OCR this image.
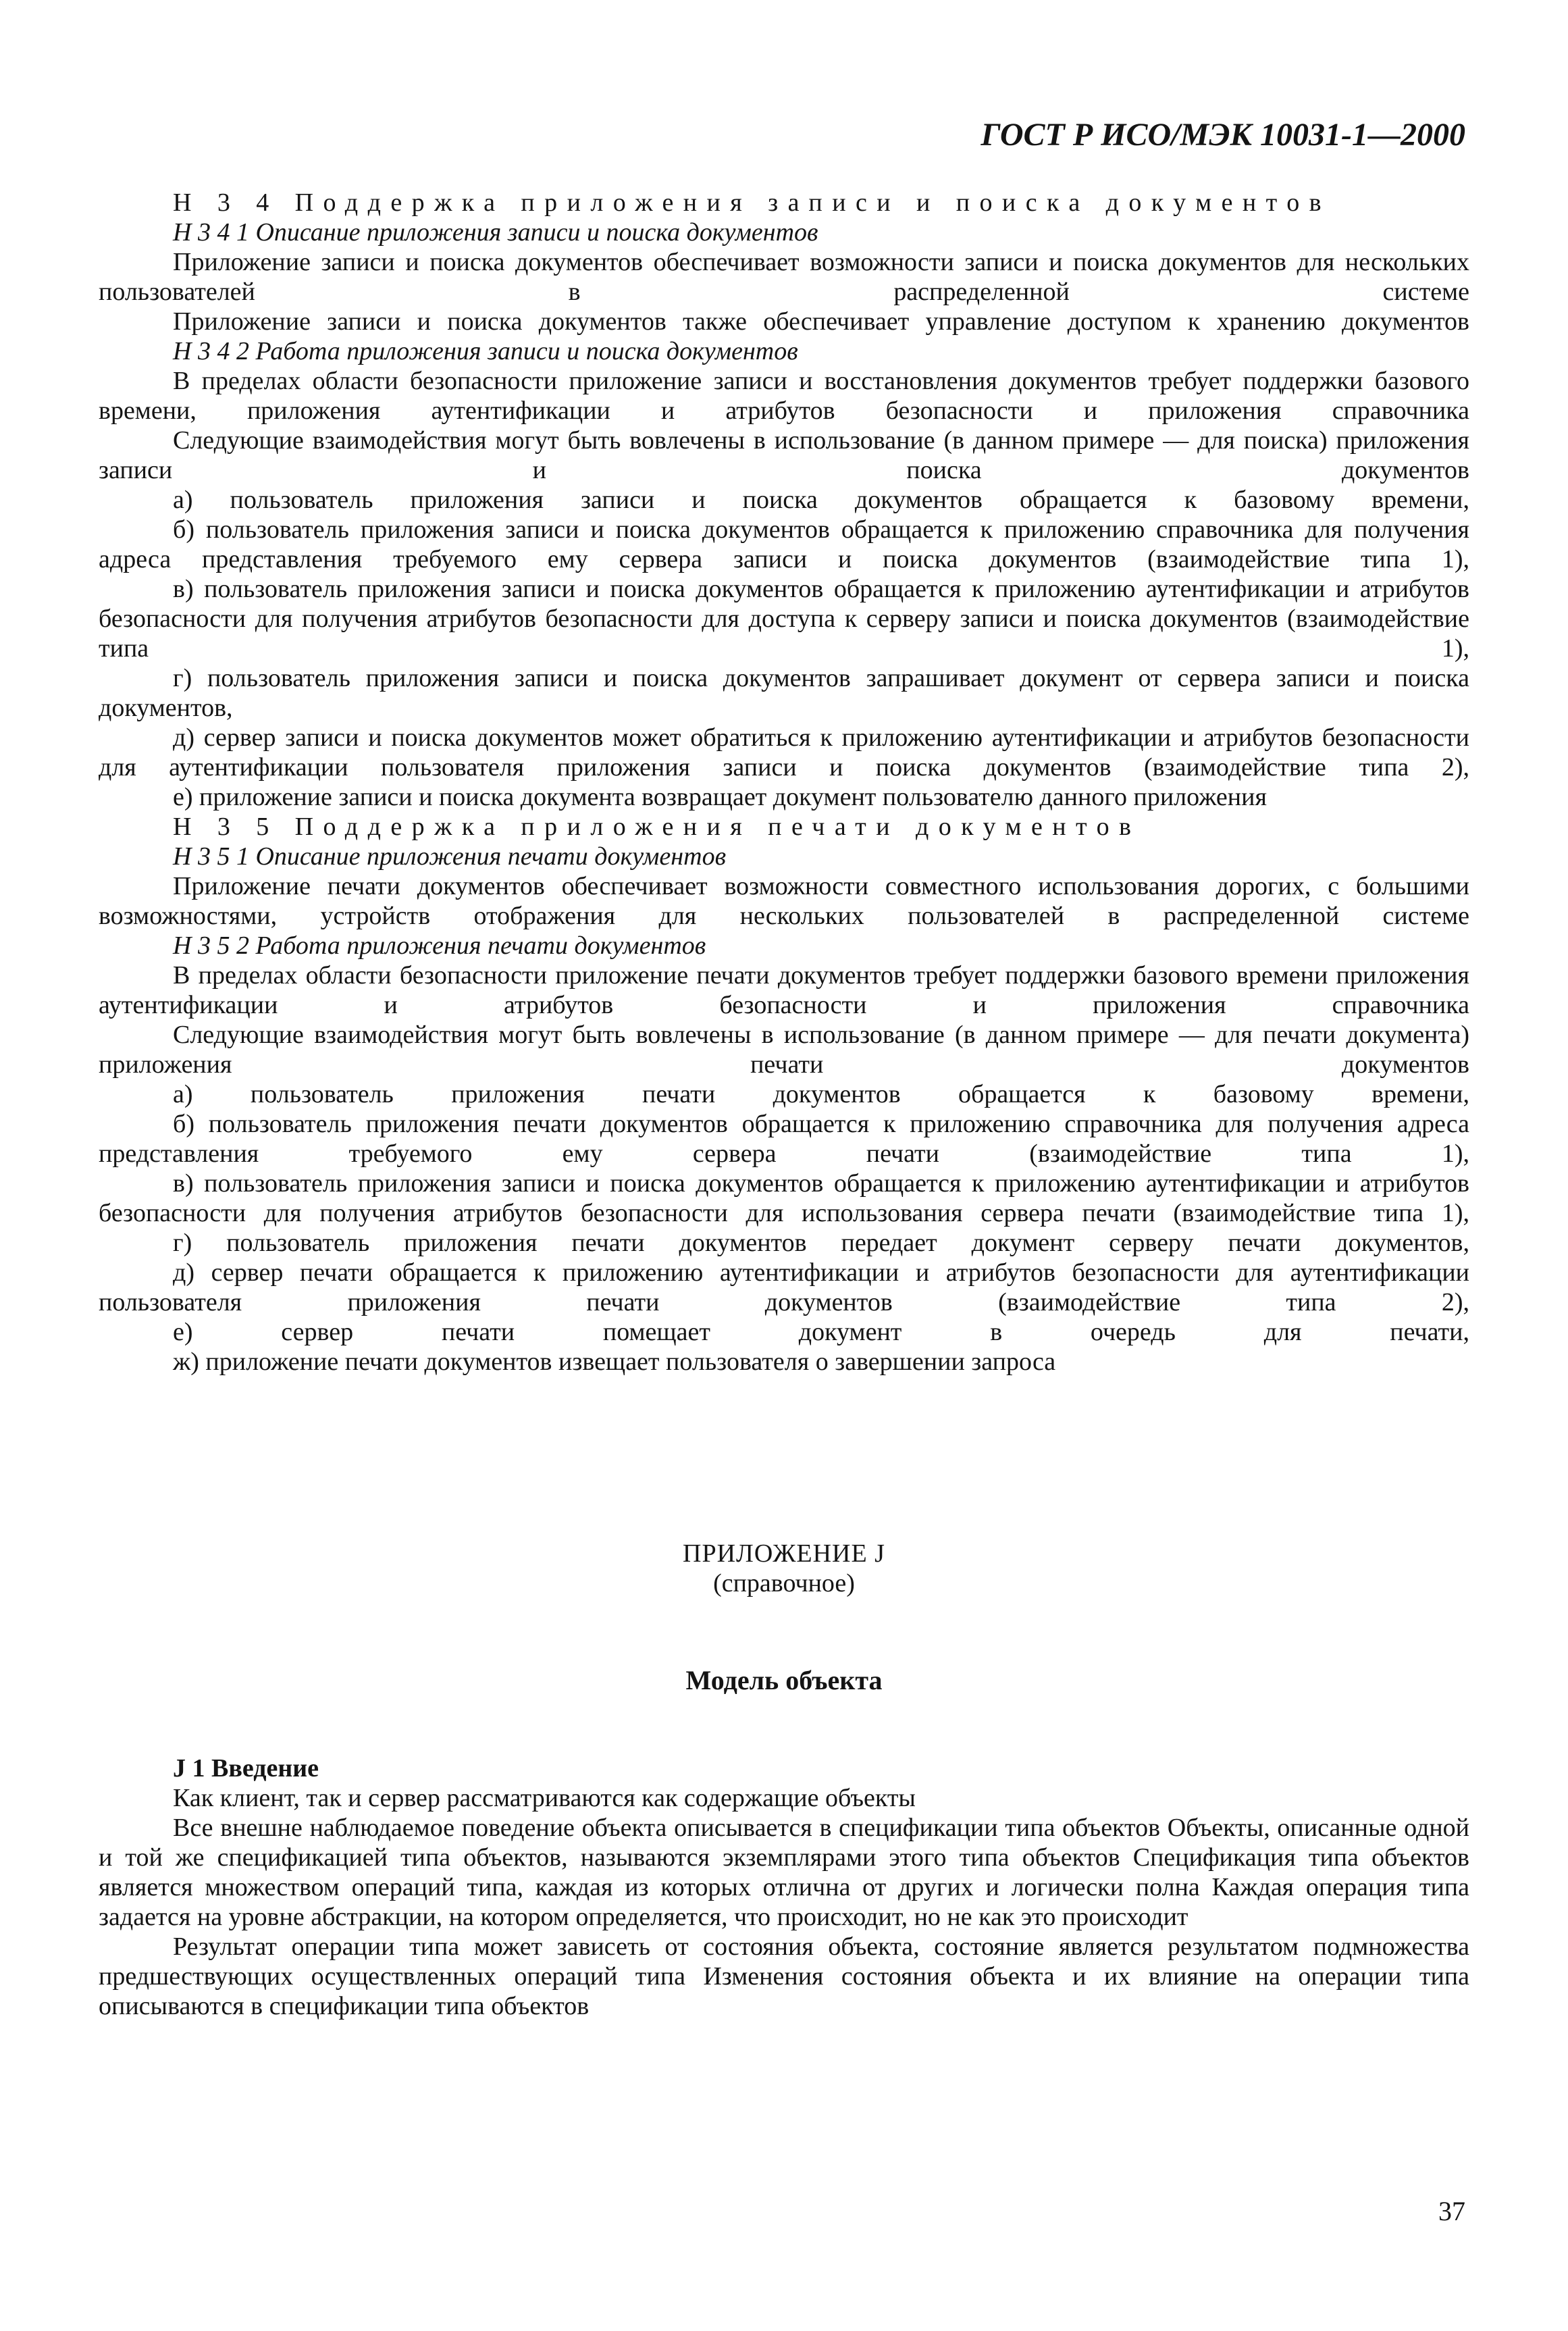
ГОСТ Р ИСО/МЭК 10031-1—2000
Н 3 4 Поддержка приложения записи и поиска документов
Н 3 4 1 Описание приложения записи и поиска документов
Приложение записи и поиска документов обеспечивает возможности записи и поиска документов для нескольких пользователей в распределенной системе
Приложение записи и поиска документов также обеспечивает управление доступом к хранению документов
Н 3 4 2 Работа приложения записи и поиска документов
В пределах области безопасности приложение записи и восстановления документов требует поддержки базового времени, приложения аутентификации и атрибутов безопасности и приложения справочника
Следующие взаимодействия могут быть вовлечены в использование (в данном примере — для поиска) приложения записи и поиска документов
а) пользователь приложения записи и поиска документов обращается к базовому времени,
б) пользователь приложения записи и поиска документов обращается к приложению справочника для получения адреса представления требуемого ему сервера записи и поиска документов (взаимодействие типа 1),
в) пользователь приложения записи и поиска документов обращается к приложению аутентификации и атрибутов безопасности для получения атрибутов безопасности для доступа к серверу записи и поиска документов (взаимодействие типа 1),
г) пользователь приложения записи и поиска документов запрашивает документ от сервера записи и поиска документов,
д) сервер записи и поиска документов может обратиться к приложению аутентификации и атрибутов безопасности для аутентификации пользователя приложения записи и поиска документов (взаимодействие типа 2),
е) приложение записи и поиска документа возвращает документ пользователю данного приложения
Н 3 5 Поддержка приложения печати документов
Н 3 5 1 Описание приложения печати документов
Приложение печати документов обеспечивает возможности совместного использования дорогих, с большими возможностями, устройств отображения для нескольких пользователей в распределенной системе
Н 3 5 2 Работа приложения печати документов
В пределах области безопасности приложение печати документов требует поддержки базового времени приложения аутентификации и атрибутов безопасности и приложения справочника
Следующие взаимодействия могут быть вовлечены в использование (в данном примере — для печати документа) приложения печати документов
а) пользователь приложения печати документов обращается к базовому времени,
б) пользователь приложения печати документов обращается к приложению справочника для получения адреса представления требуемого ему сервера печати (взаимодействие типа 1),
в) пользователь приложения записи и поиска документов обращается к приложению аутентификации и атрибутов безопасности для получения атрибутов безопасности для использования сервера печати (взаимодействие типа 1),
г) пользователь приложения печати документов передает документ серверу печати документов,
д) сервер печати обращается к приложению аутентификации и атрибутов безопасности для аутентификации пользователя приложения печати документов (взаимодействие типа 2),
е) сервер печати помещает документ в очередь для печати,
ж) приложение печати документов извещает пользователя о завершении запроса
ПРИЛОЖЕНИЕ J
(справочное)
Модель объекта
J 1 Введение
Как клиент, так и сервер рассматриваются как содержащие объекты
Все внешне наблюдаемое поведение объекта описывается в спецификации типа объектов Объекты, описанные одной и той же спецификацией типа объектов, называются экземплярами этого типа объектов Спецификация типа объектов является множеством операций типа, каждая из которых отлична от других и логически полна Каждая операция типа задается на уровне абстракции, на котором определяется, что происходит, но не как это происходит
Результат операции типа может зависеть от состояния объекта, состояние является результатом подмножества предшествующих осуществленных операций типа Изменения состояния объекта и их влияние на операции типа описываются в спецификации типа объектов
37
